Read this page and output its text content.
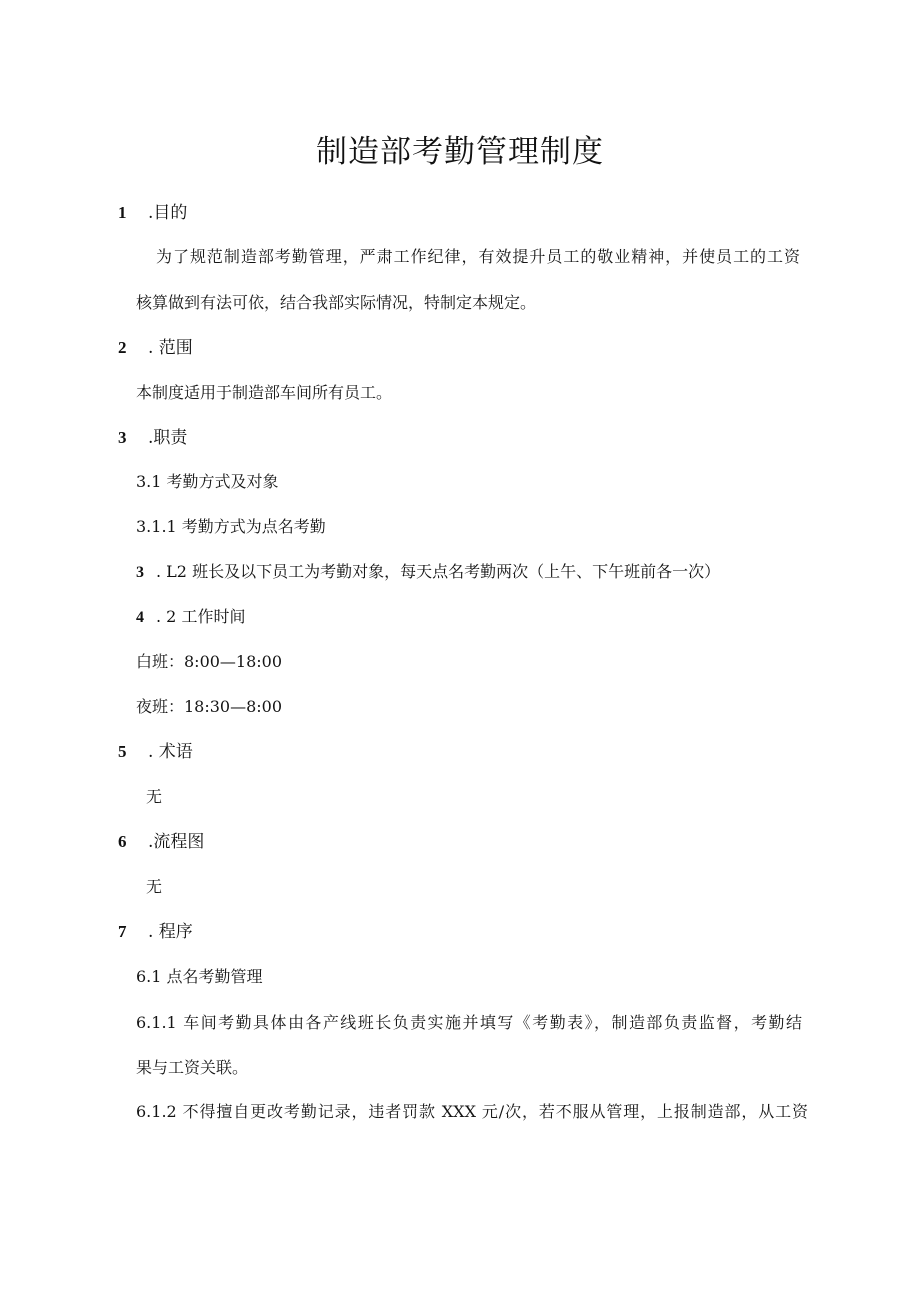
制造部考勤管理制度
1 .目的
为了规范制造部考勤管理，严肃工作纪律，有效提升员工的敬业精神，并使员工的工资
核算做到有法可依，结合我部实际情况，特制定本规定。
2 . 范围
本制度适用于制造部车间所有员工。
3 .职责
3.1 考勤方式及对象
3.1.1 考勤方式为点名考勤
3 . L2 班长及以下员工为考勤对象，每天点名考勤两次（上午、下午班前各一次）
4 . 2 工作时间
白班：8:00—18:00
夜班：18:30—8:00
5 . 术语
无
6 .流程图
无
7 . 程序
6.1 点名考勤管理
6.1.1 车间考勤具体由各产线班长负责实施并填写《考勤表》，制造部负责监督，考勤结
果与工资关联。
6.1.2 不得擅自更改考勤记录，违者罚款 XXX 元/次，若不服从管理，上报制造部，从工资
